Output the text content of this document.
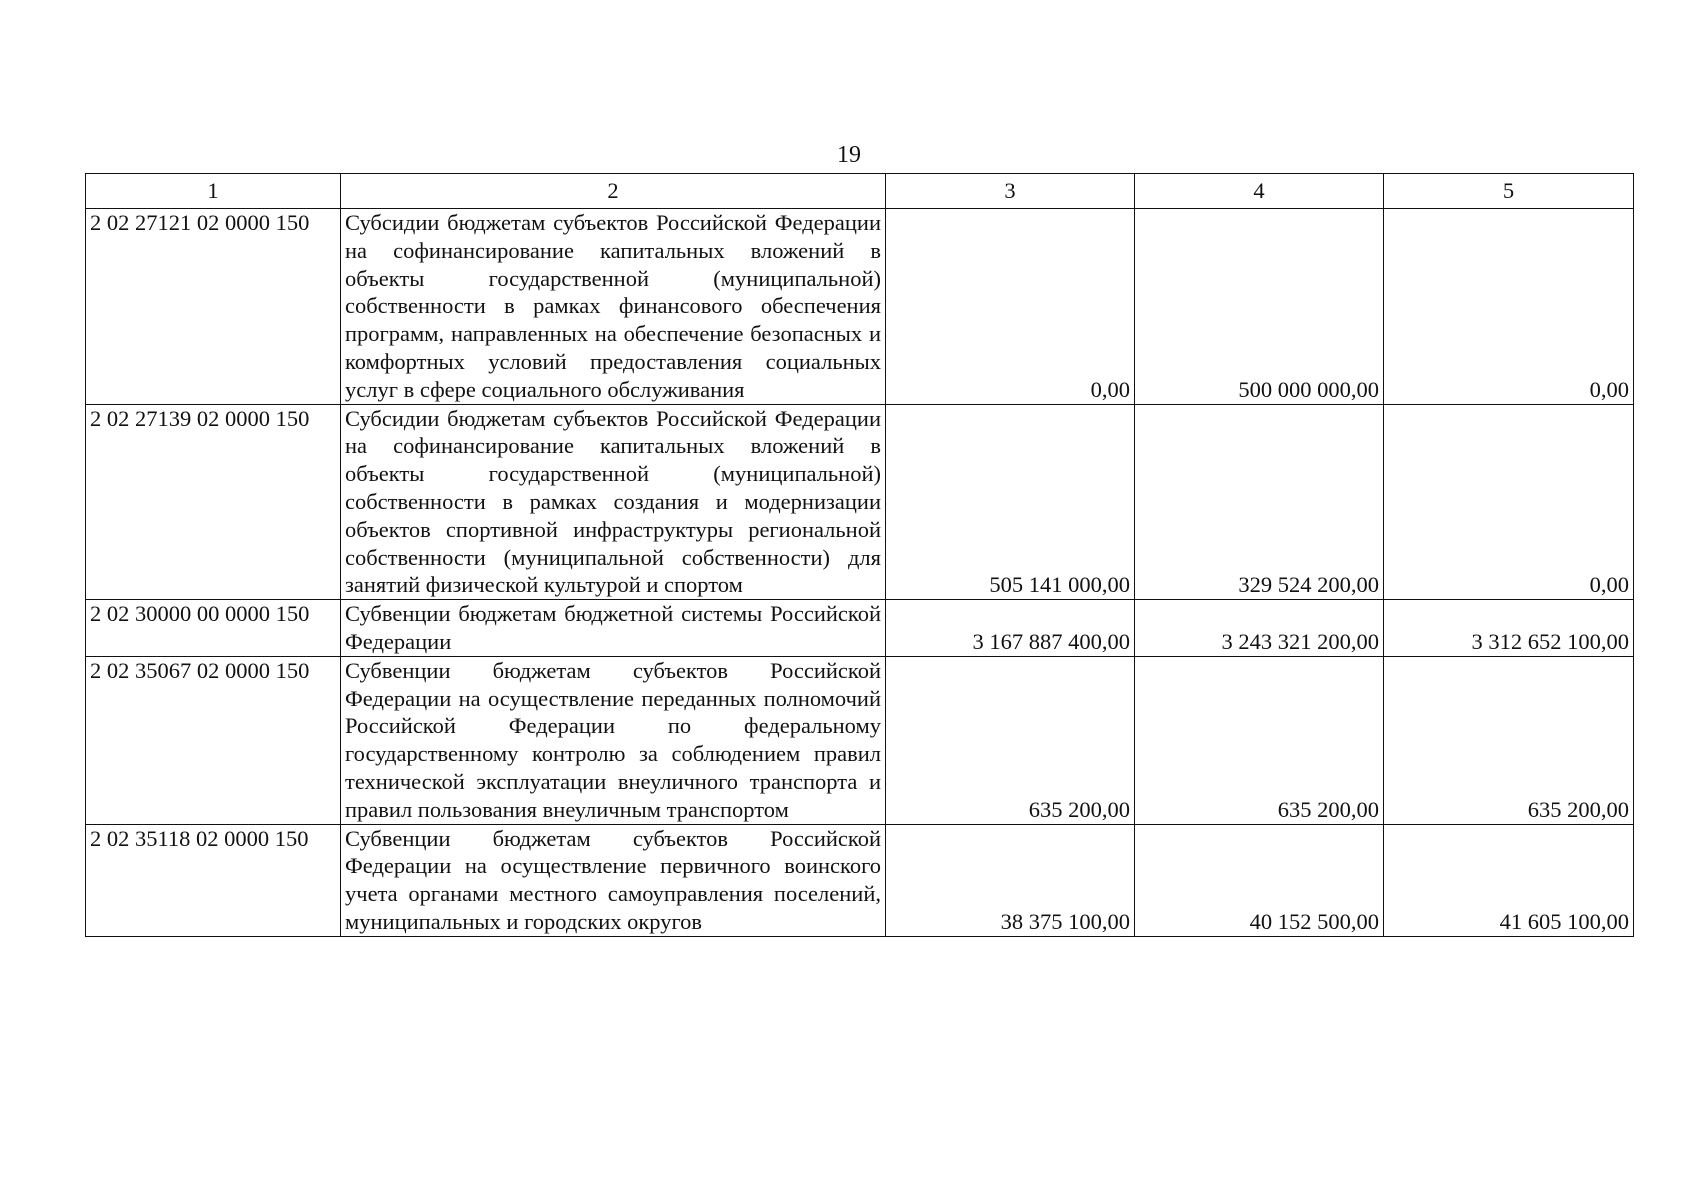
19
1	2	3	4	5
2 02 27121 02 0000 150	Субсидии бюджетам субъектов Российской Федерации на софинансирование капитальных вложений в объекты государственной (муниципальной) собственности в рамках финансового обеспечения программ, направленных на обеспечение безопасных и комфортных условий предоставления социальных услуг в сфере социального обслуживания	0,00	500 000 000,00	0,00
2 02 27139 02 0000 150	Субсидии бюджетам субъектов Российской Федерации на софинансирование капитальных вложений в объекты государственной (муниципальной) собственности в рамках создания и модернизации объектов спортивной инфраструктуры региональной собственности (муниципальной собственности) для занятий физической культурой и спортом	505 141 000,00	329 524 200,00	0,00
2 02 30000 00 0000 150	Субвенции бюджетам бюджетной системы Российской Федерации	3 167 887 400,00	3 243 321 200,00	3 312 652 100,00
2 02 35067 02 0000 150	Субвенции бюджетам субъектов Российской Федерации на осуществление переданных полномочий Российской Федерации по федеральному государственному контролю за соблюдением правил технической эксплуатации внеуличного транспорта и правил пользования внеуличным транспортом	635 200,00	635 200,00	635 200,00
2 02 35118 02 0000 150	Субвенции бюджетам субъектов Российской Федерации на осуществление первичного воинского учета органами местного самоуправления поселений, муниципальных и городских округов	38 375 100,00	40 152 500,00	41 605 100,00
